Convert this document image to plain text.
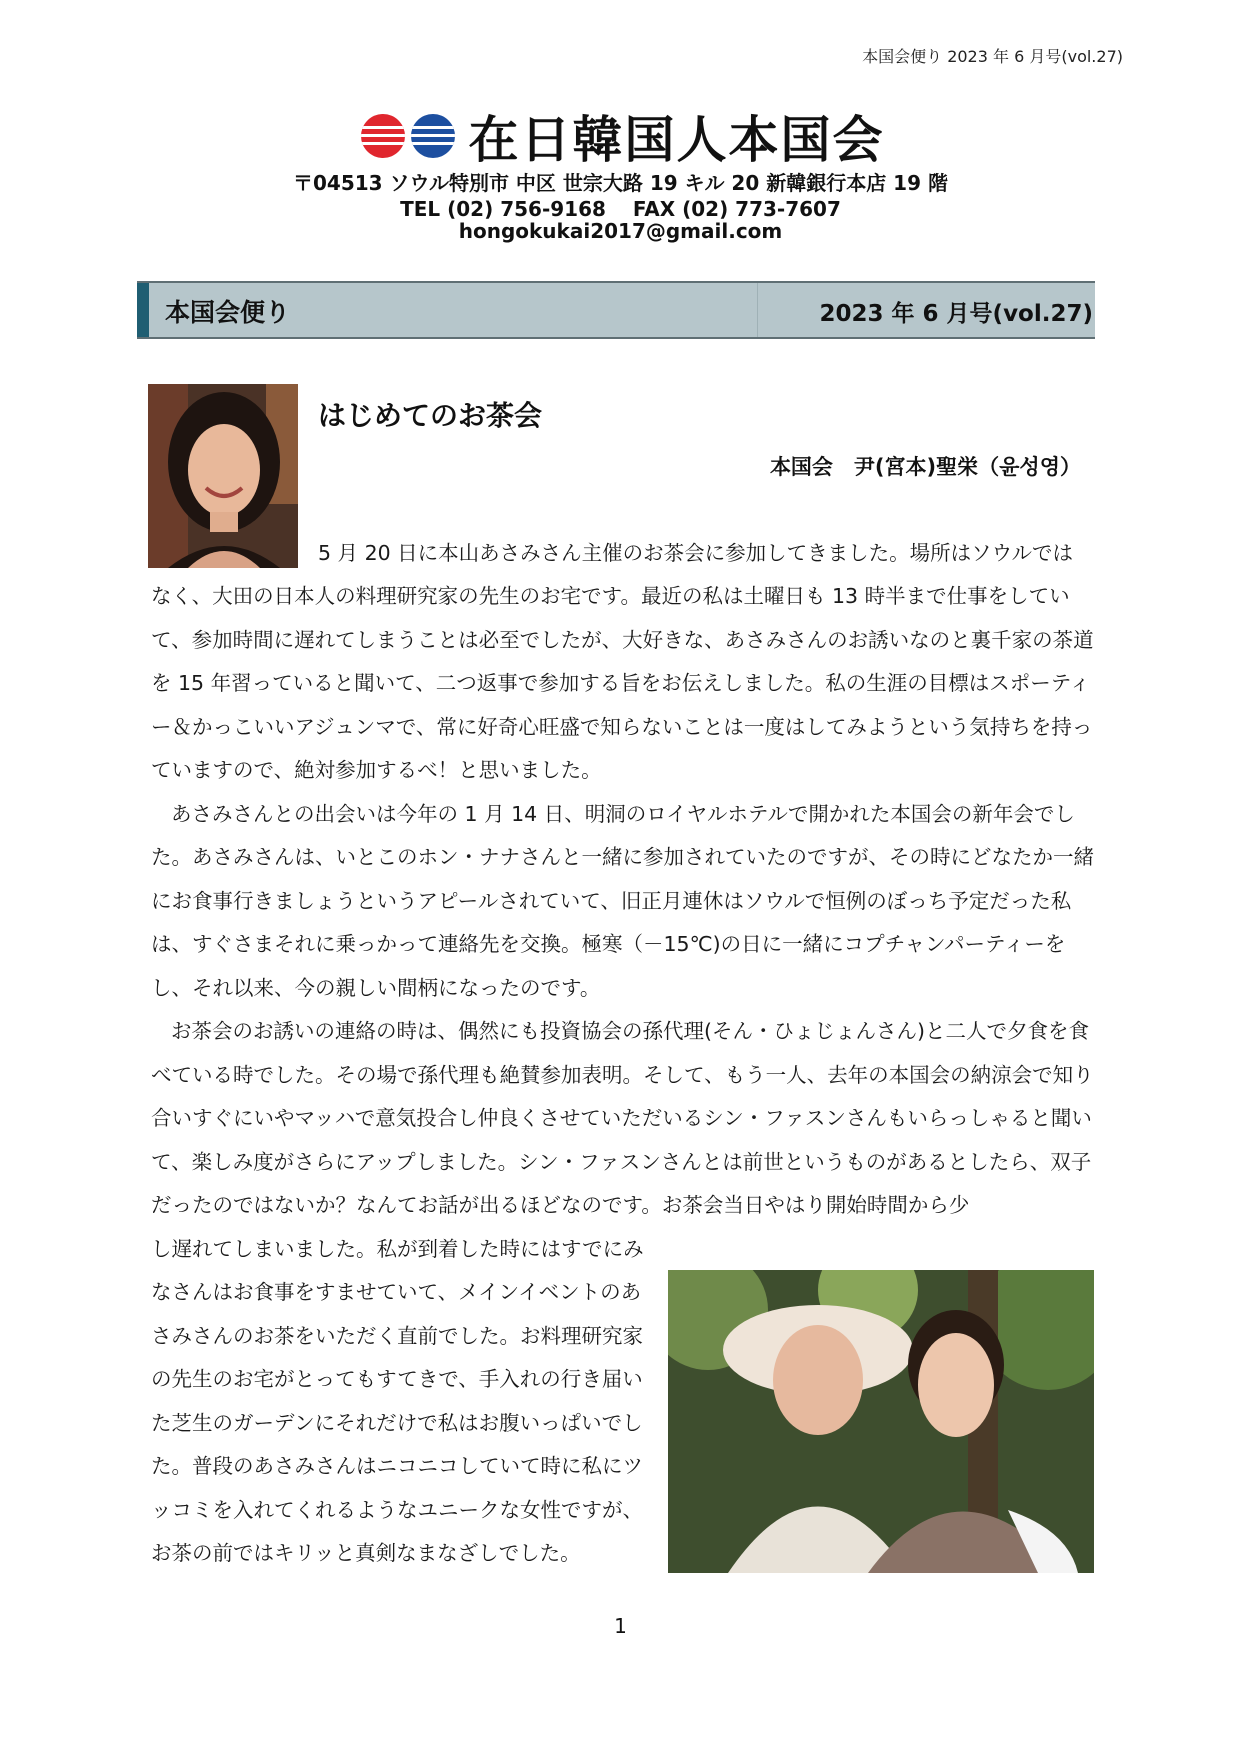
本国会便り 2023 年 6 月号(vol.27)
在日韓国人本国会
〒04513 ソウル特別市 中区 世宗大路 19 キル 20 新韓銀行本店 19 階
TEL (02) 756-9168　 FAX (02) 773-7607
hongokukai2017@gmail.com
本国会便り	2023 年 6 月号(vol.27)
はじめてのお茶会
本国会　尹(宮本)聖栄（윤성영）

5 月 20 日に本山あさみさん主催のお茶会に参加してきました。場所はソウルでは

なく、大田の日本人の料理研究家の先生のお宅です。最近の私は土曜日も 13 時半まで仕事をしていて、参加時間に遅れてしまうことは必至でしたが、大好きな、あさみさんのお誘いなのと裏千家の茶道を 15 年習っていると聞いて、二つ返事で参加する旨をお伝えしました。私の生涯の目標はスポーティー＆かっこいいアジュンマで、常に好奇心旺盛で知らないことは一度はしてみようという気持ちを持っていますので、絶対参加するべ！と思いました。
あさみさんとの出会いは今年の 1 月 14 日、明洞のロイヤルホテルで開かれた本国会の新年会でした。あさみさんは、いとこのホン・ナナさんと一緒に参加されていたのですが、その時にどなたか一緒にお食事行きましょうというアピールされていて、旧正月連休はソウルで恒例のぼっち予定だった私は、すぐさまそれに乗っかって連絡先を交換。極寒（－15℃)の日に一緒にコプチャンパーティーをし、それ以来、今の親しい間柄になったのです。
お茶会のお誘いの連絡の時は、偶然にも投資協会の孫代理(そん・ひょじょんさん)と二人で夕食を食べている時でした。その場で孫代理も絶賛参加表明。そして、もう一人、去年の本国会の納涼会で知り合いすぐにいやマッハで意気投合し仲良くさせていただいるシン・ファスンさんもいらっしゃると聞いて、楽しみ度がさらにアップしました。シン・ファスンさんとは前世というものがあるとしたら、双子だったのではないか？なんてお話が出るほどなのです。お茶会当日やはり開始時間から少
し遅れてしまいました。私が到着した時にはすでにみなさんはお食事をすませていて、メインイベントのあさみさんのお茶をいただく直前でした。お料理研究家の先生のお宅がとってもすてきで、手入れの行き届いた芝生のガーデンにそれだけで私はお腹いっぱいでした。普段のあさみさんはニコニコしていて時に私にツッコミを入れてくれるようなユニークな女性ですが、お茶の前ではキリッと真剣なまなざしでした。
1
